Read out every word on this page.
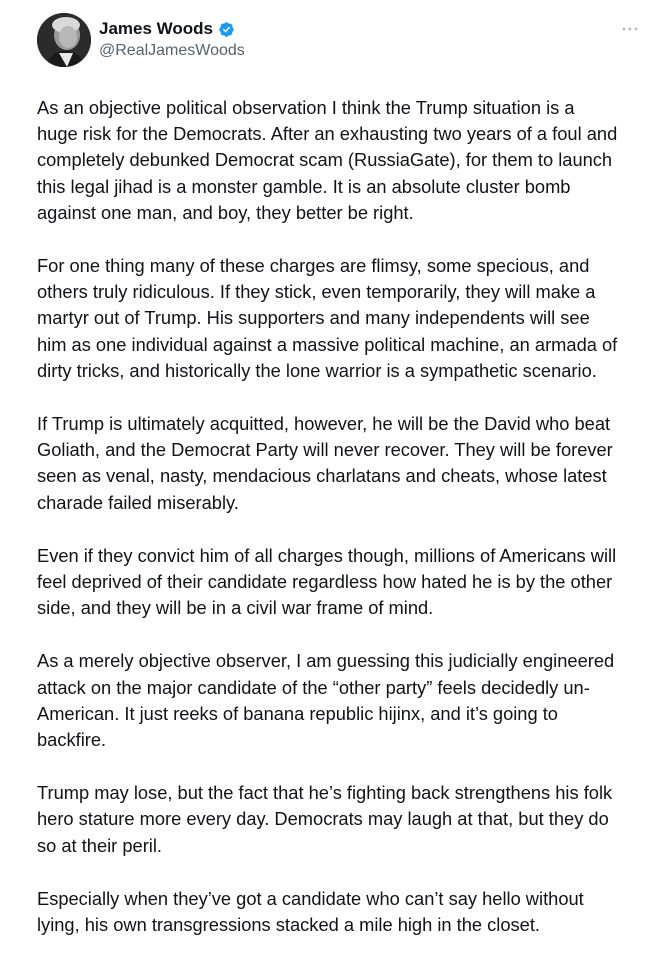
James Woods
@RealJamesWoods

As an objective political observation I think the Trump situation is a
huge risk for the Democrats. After an exhausting two years of a foul and
completely debunked Democrat scam (RussiaGate), for them to launch
this legal jihad is a monster gamble. It is an absolute cluster bomb
against one man, and boy, they better be right.

For one thing many of these charges are flimsy, some specious, and
others truly ridiculous. If they stick, even temporarily, they will make a
martyr out of Trump. His supporters and many independents will see
him as one individual against a massive political machine, an armada of
dirty tricks, and historically the lone warrior is a sympathetic scenario.

If Trump is ultimately acquitted, however, he will be the David who beat
Goliath, and the Democrat Party will never recover. They will be forever
seen as venal, nasty, mendacious charlatans and cheats, whose latest
charade failed miserably.

Even if they convict him of all charges though, millions of Americans will
feel deprived of their candidate regardless how hated he is by the other
side, and they will be in a civil war frame of mind.

As a merely objective observer, I am guessing this judicially engineered
attack on the major candidate of the “other party” feels decidedly un-
American. It just reeks of banana republic hijinx, and it’s going to
backfire.

Trump may lose, but the fact that he’s fighting back strengthens his folk
hero stature more every day. Democrats may laugh at that, but they do
so at their peril.

Especially when they’ve got a candidate who can’t say hello without
lying, his own transgressions stacked a mile high in the closet.
